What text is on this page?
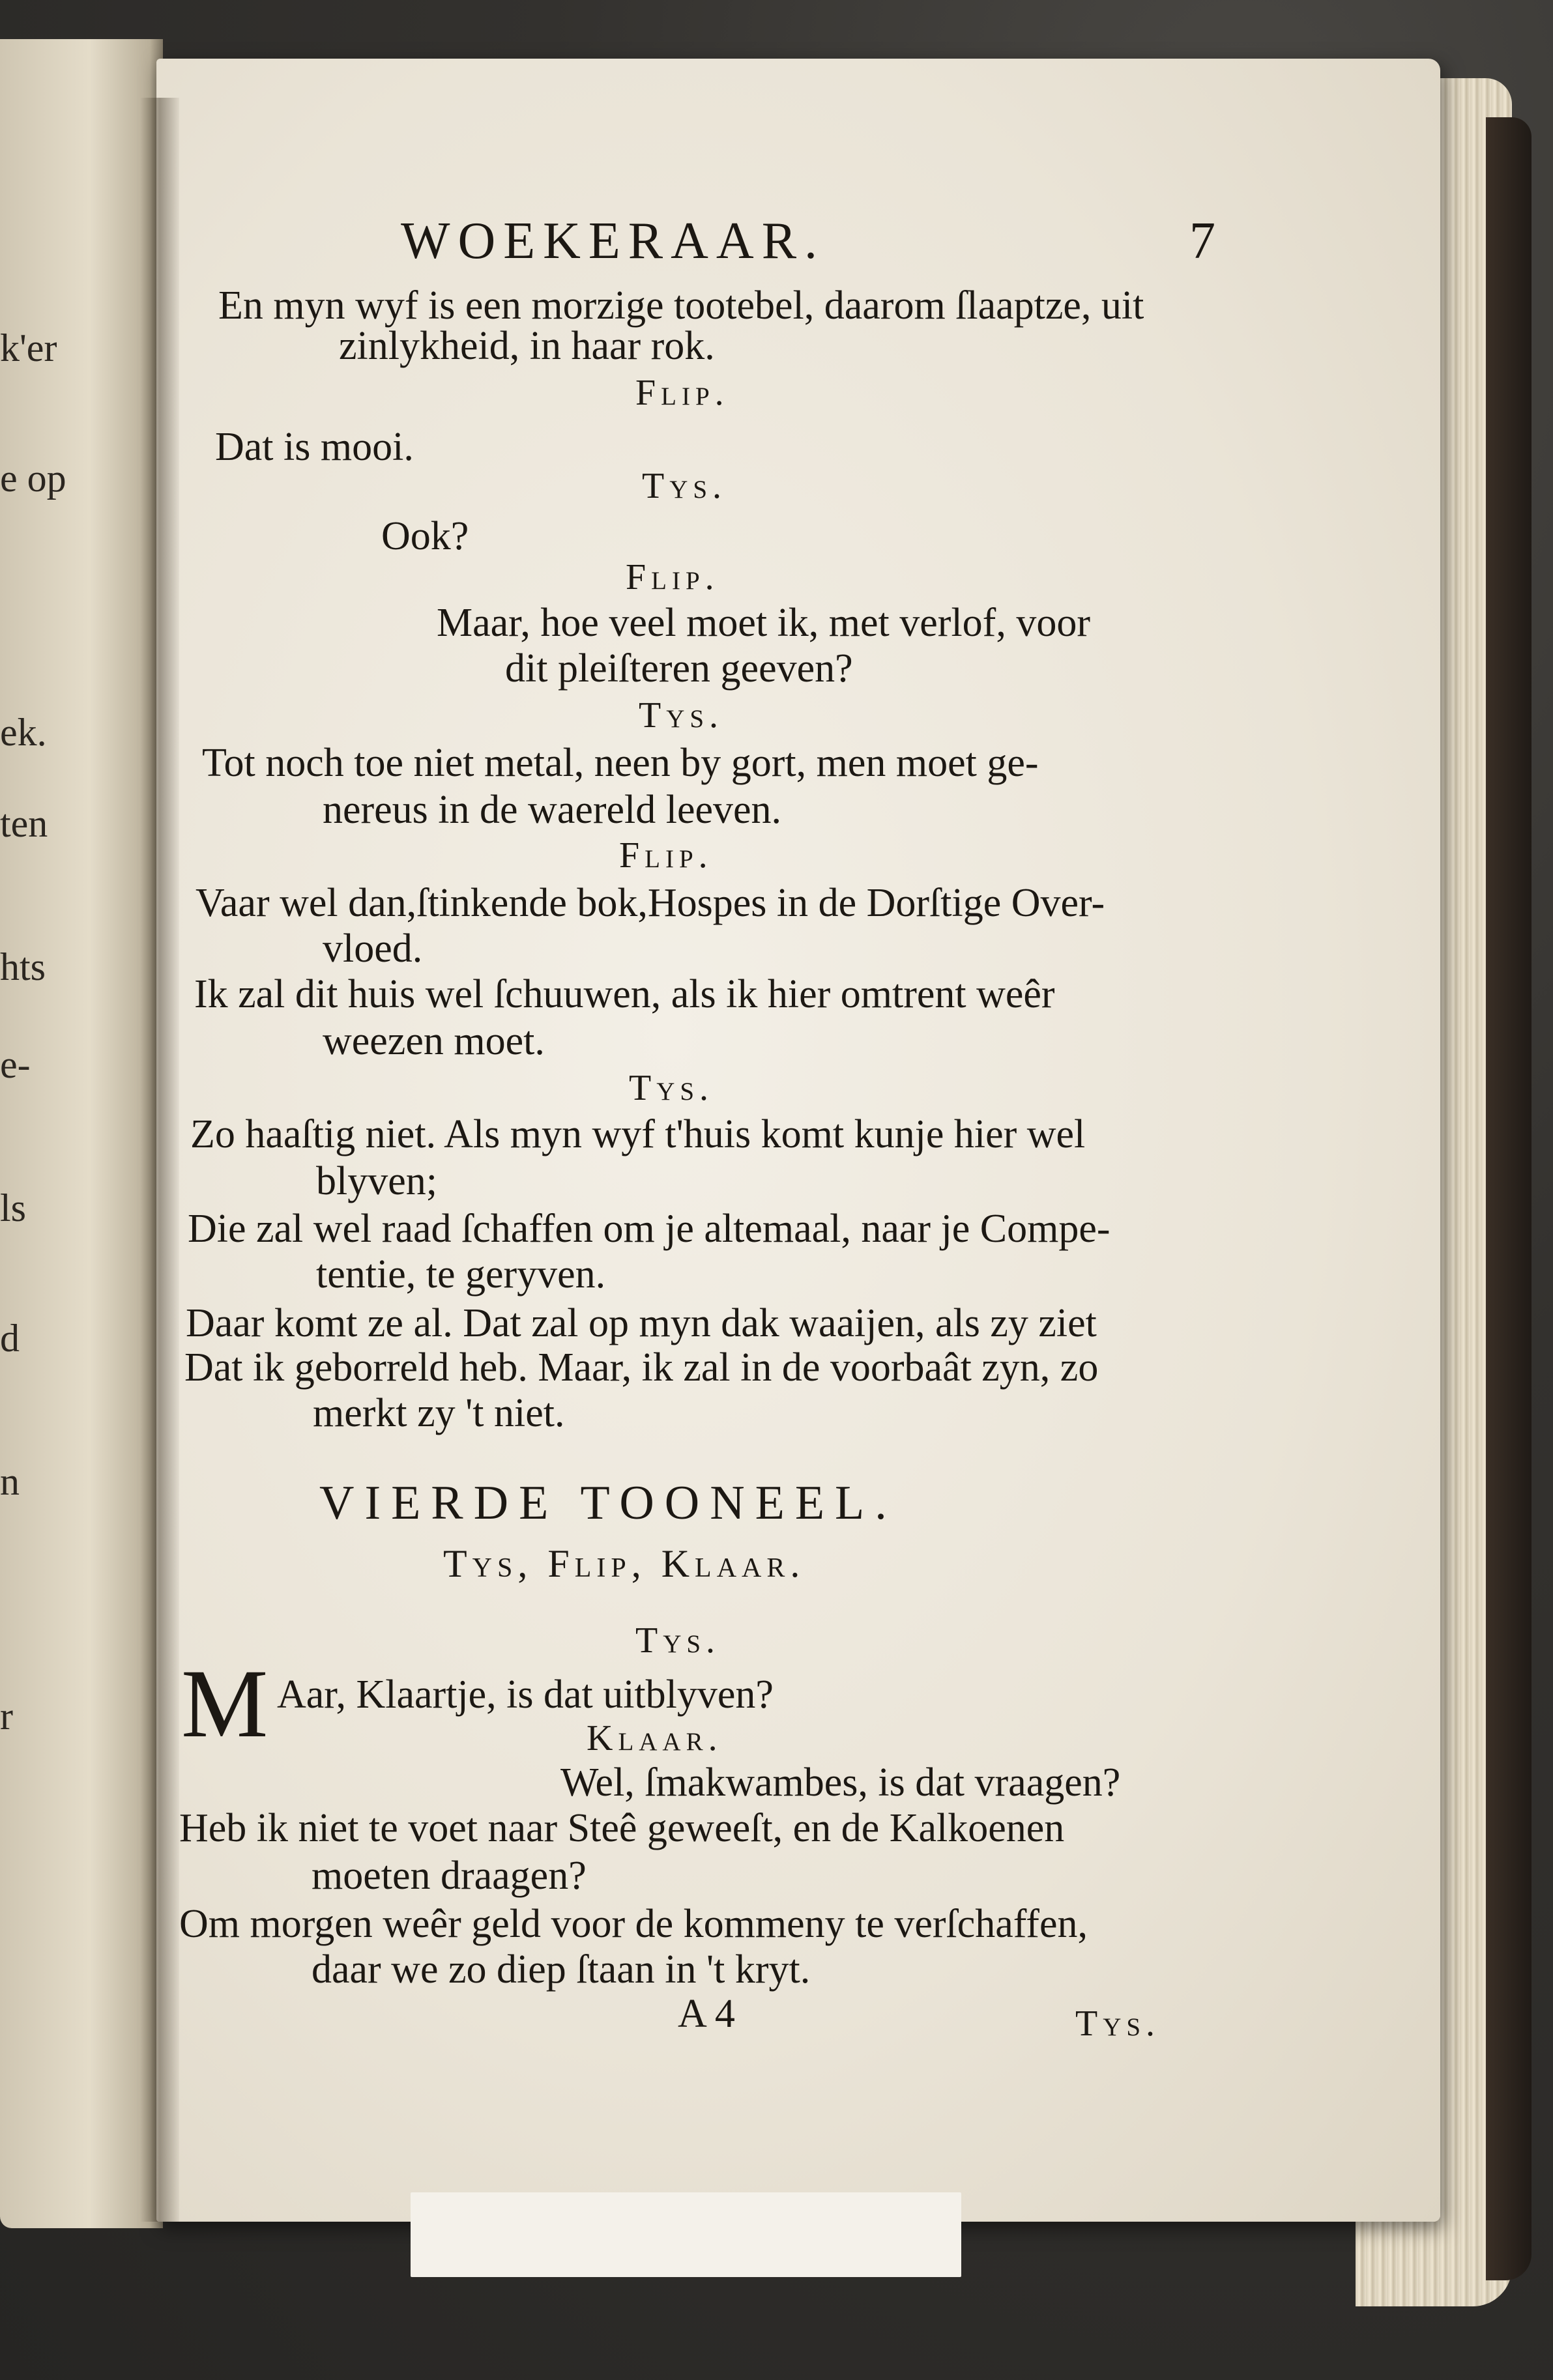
k'er
e op
ek.
ten
hts
e-
ls
d
n
r
WOEKERAAR.	7
En myn wyf is een morzige tootebel, daarom ſlaaptze, uit
zinlykheid, in haar rok.
Flip.
Dat is mooi.
Tys.
Ook?
Flip.
Maar, hoe veel moet ik, met verlof, voor
dit pleiſteren geeven?
Tys.
Tot noch toe niet metal, neen by gort, men moet ge-
nereus in de waereld leeven.
Flip.
Vaar wel dan,ſtinkende bok,Hospes in de Dorſtige Over-
vloed.
Ik zal dit huis wel ſchuuwen, als ik hier omtrent weêr
weezen moet.
Tys.
Zo haaſtig niet. Als myn wyf t'huis komt kunje hier wel
blyven;
Die zal wel raad ſchaffen om je altemaal, naar je Compe-
tentie, te geryven.
Daar komt ze al. Dat zal op myn dak waaijen, als zy ziet
Dat ik geborreld heb. Maar, ik zal in de voorbaât zyn, zo
merkt zy 't niet.
VIERDE TOONEEL.
Tys, Flip, Klaar.
Tys.
M Aar, Klaartje, is dat uitblyven?
Klaar.
Wel, ſmakwambes, is dat vraagen?
Heb ik niet te voet naar Steê geweeſt, en de Kalkoenen
moeten draagen?
Om morgen weêr geld voor de kommeny te verſchaffen,
daar we zo diep ſtaan in 't kryt.
A 4	Tys.
